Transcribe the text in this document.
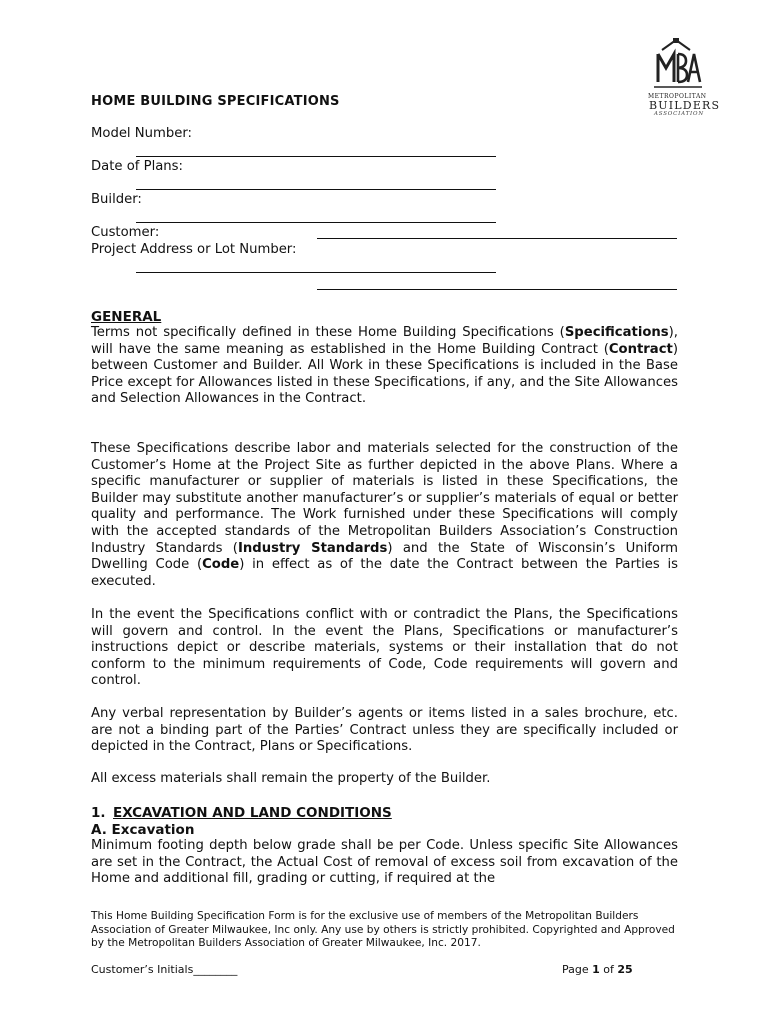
METROPOLITAN
BUILDERS
ASSOCIATION
HOME BUILDING SPECIFICATIONS
Model Number:
Date of Plans:
Builder:
Customer:
Project Address or Lot Number:
GENERAL
Terms not specifically defined in these Home Building Specifications (Specifications), will have the same meaning as established in the Home Building Contract (Contract) between Customer and Builder. All Work in these Specifications is included in the Base Price except for Allowances listed in these Specifications, if any, and the Site Allowances and Selection Allowances in the Contract.
These Specifications describe labor and materials selected for the construction of the Customer’s Home at the Project Site as further depicted in the above Plans. Where a specific manufacturer or supplier of materials is listed in these Specifications, the Builder may substitute another manufacturer’s or supplier’s materials of equal or better quality and performance. The Work furnished under these Specifications will comply with the accepted standards of the Metropolitan Builders Association’s Construction Industry Standards (Industry Standards) and the State of Wisconsin’s Uniform Dwelling Code (Code) in effect as of the date the Contract between the Parties is executed.
In the event the Specifications conflict with or contradict the Plans, the Specifications will govern and control. In the event the Plans, Specifications or manufacturer’s instructions depict or describe materials, systems or their installation that do not conform to the minimum requirements of Code, Code requirements will govern and control.
Any verbal representation by Builder’s agents or items listed in a sales brochure, etc. are not a binding part of the Parties’ Contract unless they are specifically included or depicted in the Contract, Plans or Specifications.
All excess materials shall remain the property of the Builder.
1. EXCAVATION AND LAND CONDITIONS
A. Excavation
Minimum footing depth below grade shall be per Code. Unless specific Site Allowances are set in the Contract, the Actual Cost of removal of excess soil from excavation of the Home and additional fill, grading or cutting, if required at the
This Home Building Specification Form is for the exclusive use of members of the Metropolitan Builders Association of Greater Milwaukee, Inc only. Any use by others is strictly prohibited. Copyrighted and Approved by the Metropolitan Builders Association of Greater Milwaukee, Inc. 2017.
Customer’s Initials________	Page 1 of 25
